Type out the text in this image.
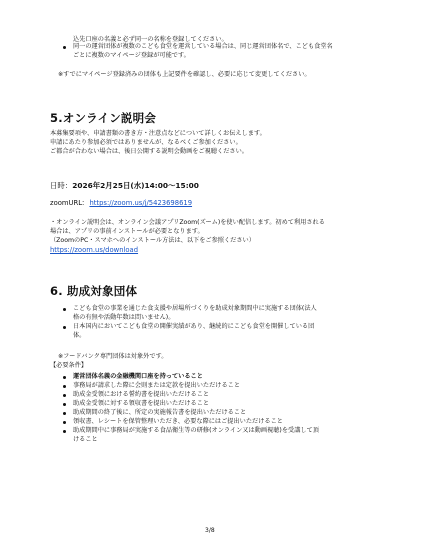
込先口座の名義と必ず同一の名称を登録してください。
同一の運営団体が複数のこども食堂を運営している場合は、同じ運営団体名で、こども食堂名
ごとに複数のマイページ登録が可能です。
※すでにマイページ登録済みの団体も上記要件を確認し、必要に応じて変更してください。
5.オンライン説明会
本募集要項や、申請書類の書き方・注意点などについて詳しくお伝えします。
申請にあたり参加必須ではありませんが、なるべくご参加ください。
ご都合が合わない場合は、後日公開する説明会動画をご視聴ください。
日時：2026年2月25日(水)14:00～15:00
zoomURL: https://zoom.us/j/5423698619
・オンライン説明会は、オンライン会議アプリZoom(ズーム)を使い配信します。初めて利用される
場合は、アプリの事前インストールが必要となります。
（ZoomのPC・スマホへのインストール方法は、以下をご参照ください）
https://zoom.us/download
6. 助成対象団体
こども食堂の事業を通じた食支援や居場所づくりを助成対象期間中に実施する団体(法人
格の有無や活動年数は問いません)。
日本国内においてこども食堂の開催実績があり、継続的にこども食堂を開催している団
体。
※フードバンク専門団体は対象外です。
【必要条件】
運営団体名義の金融機関口座を持っていること
事務局が請求した際に会則または定款を提出いただけること
助成金受領における誓約書を提出いただけること
助成金受領に対する領収書を提出いただけること
助成期間の終了後に、所定の実施報告書を提出いただけること
領収書、レシートを保管整理いただき、必要な際にはご提出いただけること
助成期間中に事務局が実施する食品衛生等の研修(オンライン又は動画視聴)を受講して頂
けること
3/8
